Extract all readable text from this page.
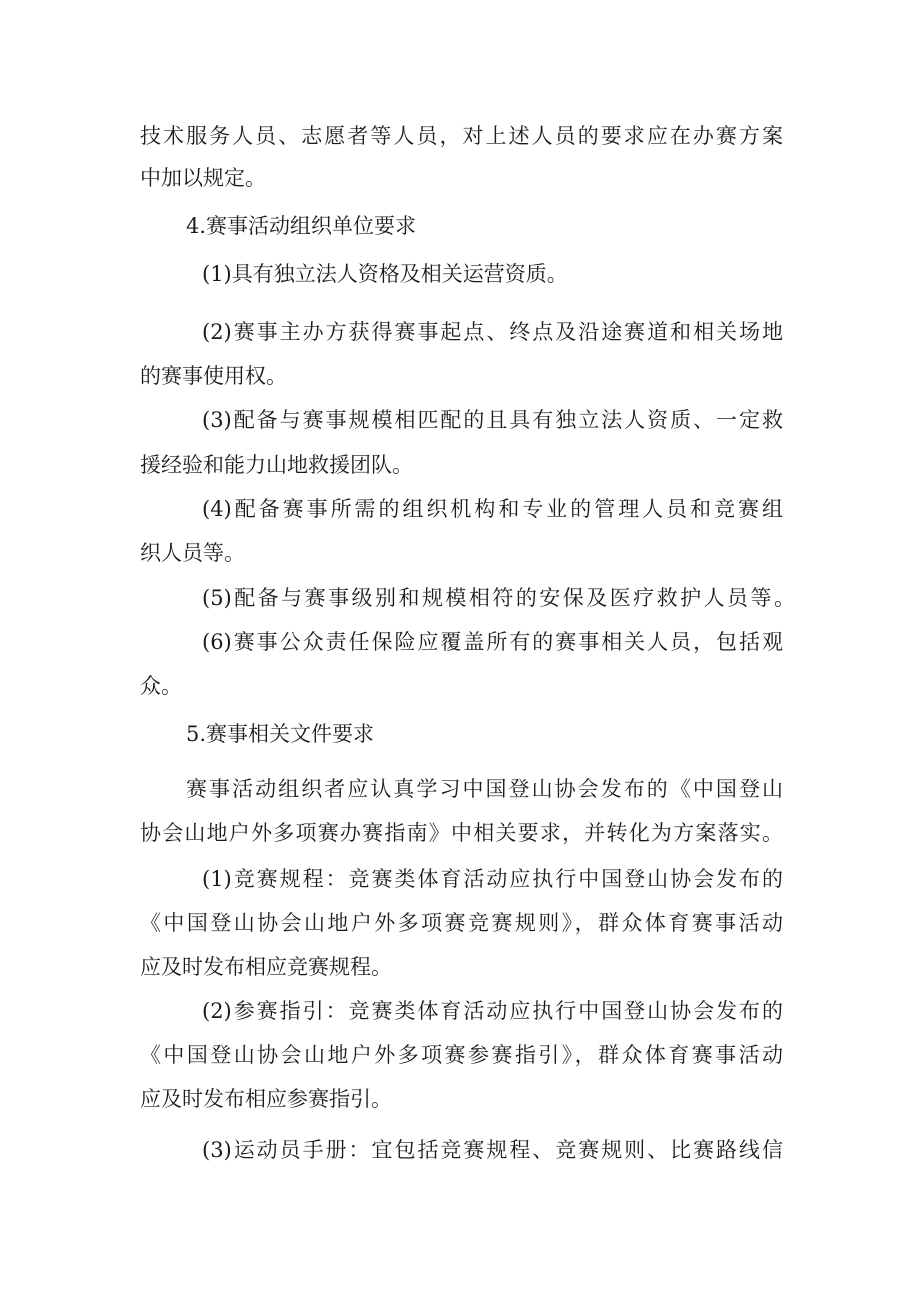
技术服务人员、志愿者等人员，对上述人员的要求应在办赛方案
中加以规定。
4.赛事活动组织单位要求
(1)具有独立法人资格及相关运营资质。
(2)赛事主办方获得赛事起点、终点及沿途赛道和相关场地
的赛事使用权。
(3)配备与赛事规模相匹配的且具有独立法人资质、一定救
援经验和能力山地救援团队。
(4)配备赛事所需的组织机构和专业的管理人员和竞赛组
织人员等。
(5)配备与赛事级别和规模相符的安保及医疗救护人员等。
(6)赛事公众责任保险应覆盖所有的赛事相关人员，包括观
众。
5.赛事相关文件要求
赛事活动组织者应认真学习中国登山协会发布的《中国登山
协会山地户外多项赛办赛指南》中相关要求，并转化为方案落实。
(1)竞赛规程：竞赛类体育活动应执行中国登山协会发布的
《中国登山协会山地户外多项赛竞赛规则》，群众体育赛事活动
应及时发布相应竞赛规程。
(2)参赛指引：竞赛类体育活动应执行中国登山协会发布的
《中国登山协会山地户外多项赛参赛指引》，群众体育赛事活动
应及时发布相应参赛指引。
(3)运动员手册：宜包括竞赛规程、竞赛规则、比赛路线信
